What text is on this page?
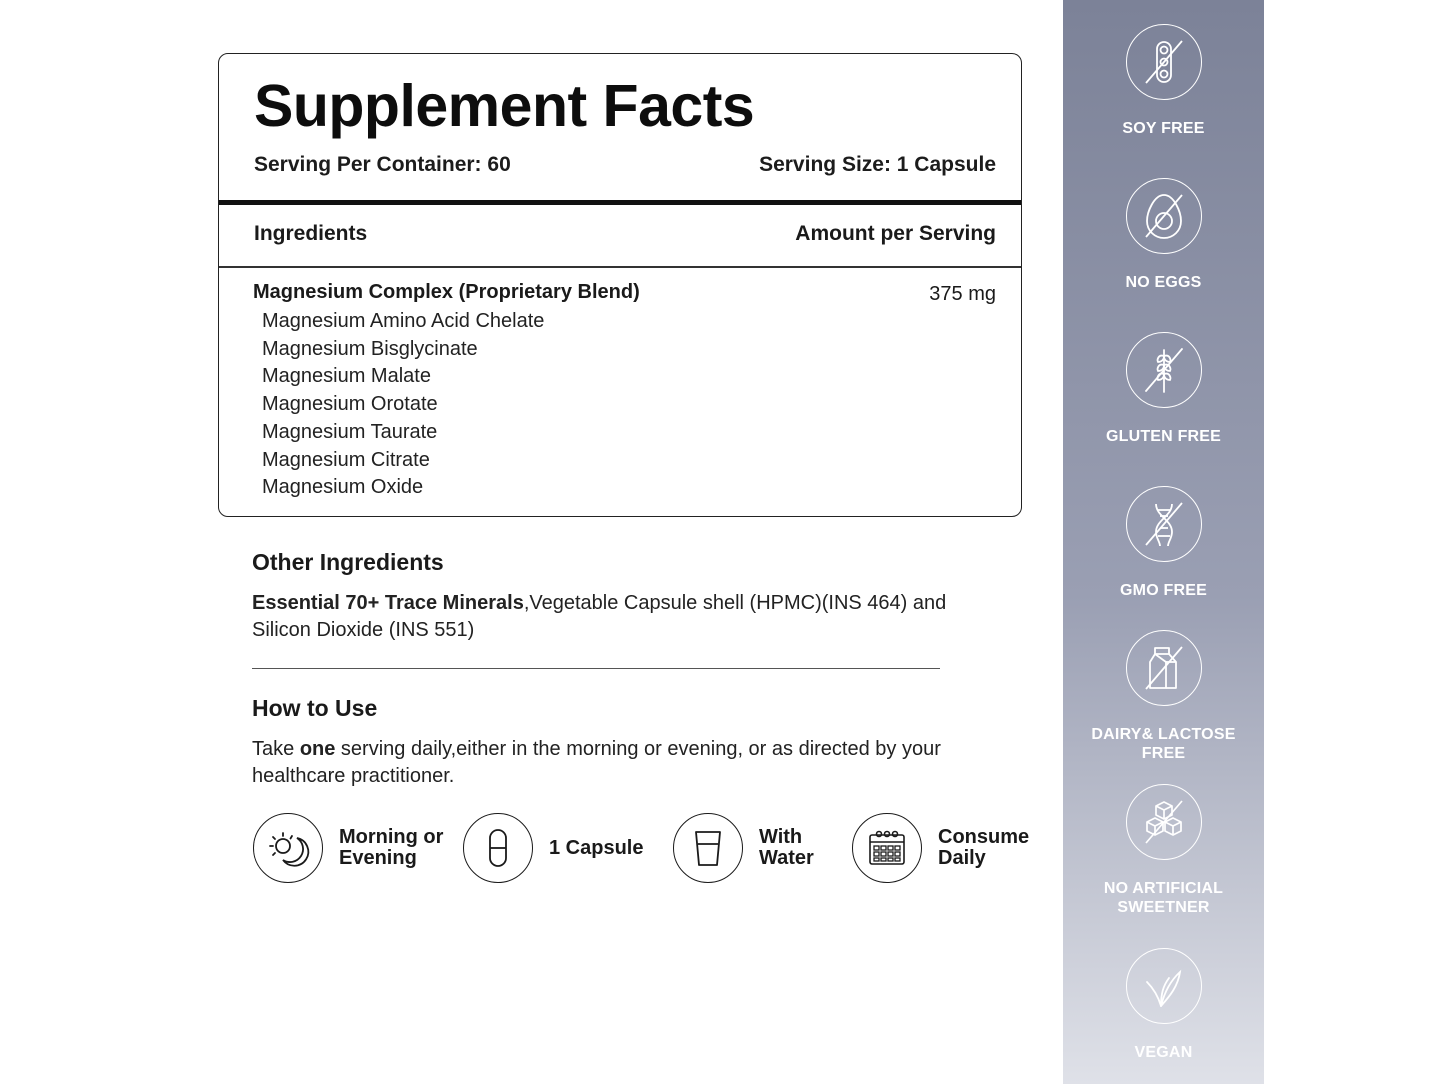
Supplement Facts
Serving Per Container: 60	Serving Size: 1 Capsule
Ingredients	Amount per Serving
Magnesium Complex (Proprietary Blend)	375 mg
Magnesium Amino Acid Chelate
Magnesium Bisglycinate
Magnesium Malate
Magnesium Orotate
Magnesium Taurate
Magnesium Citrate
Magnesium Oxide
Other Ingredients
Essential 70+ Trace Minerals,Vegetable Capsule shell (HPMC)(INS 464) and Silicon Dioxide (INS 551)
How to Use
Take one serving daily,either in the morning or evening, or as directed by your healthcare practitioner.
Morning or
Evening	1 Capsule	With
Water
Consume
Daily
SOY FREE
NO EGGS
GLUTEN FREE
GMO FREE
DAIRY& LACTOSE
FREE
NO ARTIFICIAL
SWEETNER
VEGAN
